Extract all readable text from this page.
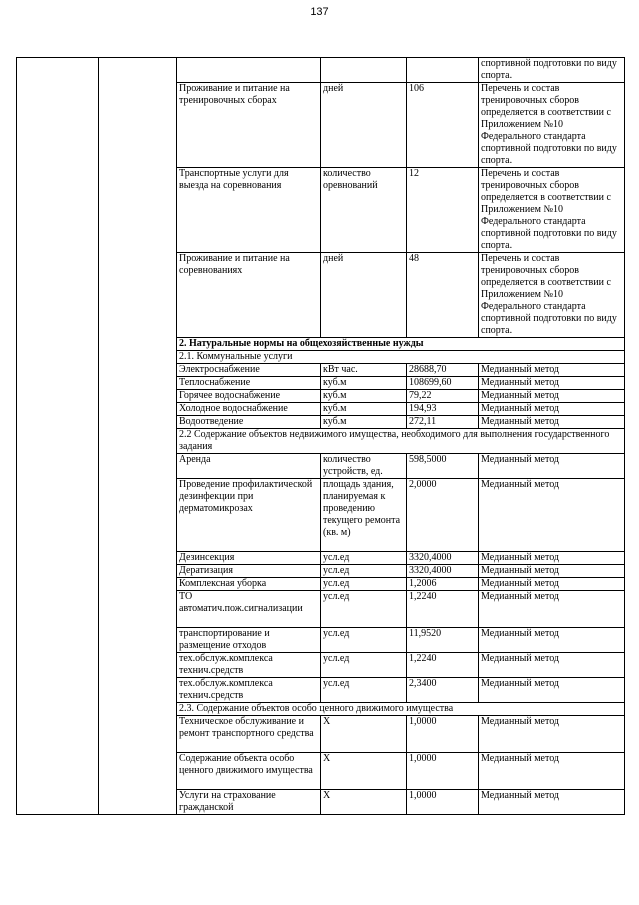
137
					спортивной подготовки по виду спорта.
		Проживание и питание на тренировочных сборах	дней	106	Перечень и состав тренировочных сборов определяется в соответствии с Приложением №10 Федерального стандарта спортивной подготовки по виду спорта.
		Транспортные услуги для выезда на соревнования	количество оревнований	12	Перечень и состав тренировочных сборов определяется в соответствии с Приложением №10 Федерального стандарта спортивной подготовки по виду спорта.
		Проживание и питание на соревнованиях	дней	48	Перечень и состав тренировочных сборов определяется в соответствии с Приложением №10 Федерального стандарта спортивной подготовки по виду спорта.
		2. Натуральные нормы на общехозяйственные нужды			
		2.1. Коммунальные услуги			
		Электроснабжение	кВт час.	28688,70	Медианный метод
		Теплоснабжение	куб.м	108699,60	Медианный метод
		Горячее водоснабжение	куб.м	79,22	Медианный метод
		Холодное водоснабжение	куб.м	194,93	Медианный метод
		Водоотведение	куб.м	272,11	Медианный метод
		2.2 Содержание объектов недвижимого имущества, необходимого для выполнения государственного задания			
		Аренда	количество устройств, ед.	598,5000	Медианный метод
		Проведение профилактической дезинфекции при дерматомикрозах	площадь здания, планируемая к проведению текущего ремонта (кв. м)	2,0000	Медианный метод
		Дезинсекция	усл.ед	3320,4000	Медианный метод
		Дератизация	усл.ед	3320,4000	Медианный метод
		Комплексная уборка	усл.ед	1,2006	Медианный метод
		ТО автоматич.пож.сигнализации	усл.ед	1,2240	Медианный метод
		транспортирование и размещение отходов	усл.ед	11,9520	Медианный метод
		тех.обслуж.комплекса технич.средств	усл.ед	1,2240	Медианный метод
		тех.обслуж.комплекса технич.средств	усл.ед	2,3400	Медианный метод
		2.3. Содержание объектов особо ценного движимого имущества			
		Техническое обслуживание и ремонт транспортного средства	Х	1,0000	Медианный метод
		Содержание объекта особо ценного движимого имущества	Х	1,0000	Медианный метод
		Услуги на страхование гражданской	Х	1,0000	Медианный метод
